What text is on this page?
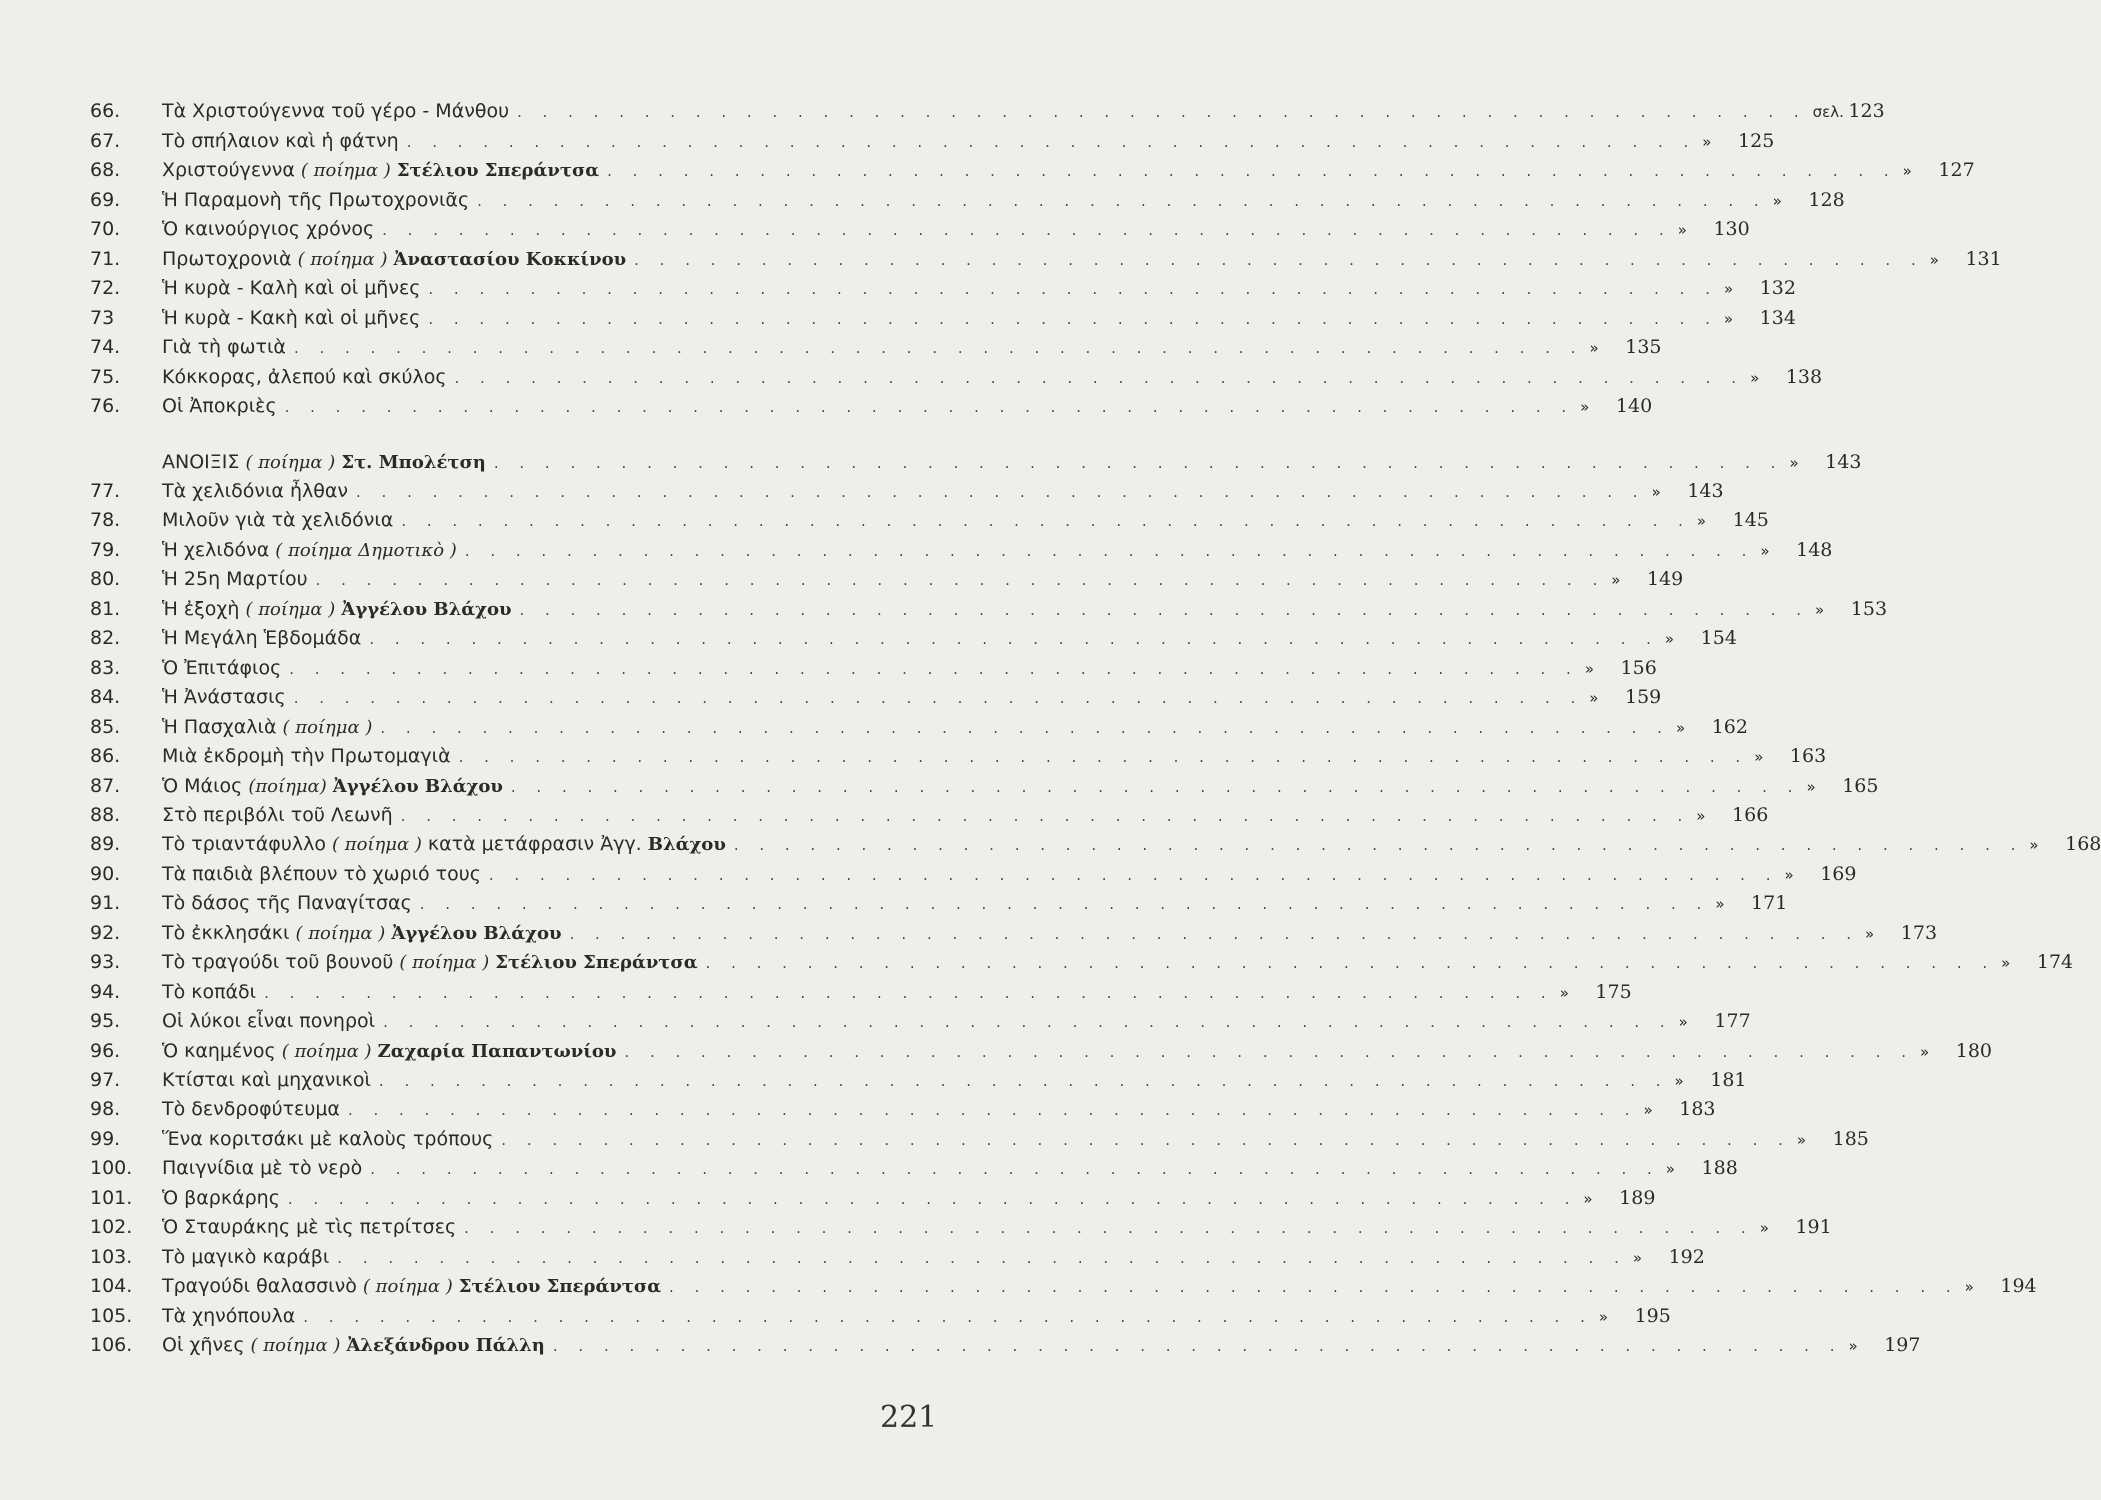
66.	Τὰ Χριστούγεννα τοῦ γέρο - Μάνθου . . . . . . . . . . . . . . . . . . . . . . . . . . . . . . . . . . . . . . . . . . . . . . . . . . . σελ. 123
67.	Τὸ σπήλαιον καὶ ἡ φάτνη . . . . . . . . . . . . . . . . . . . . . . . . . . . . . . . . . . . . . . . . . . . . . . . . . . . »	125
68.	Χριστούγεννα ( ποίημα ) Στέλιου Σπεράντσα . . . . . . . . . . . . . . . . . . . . . . . . . . . . . . . . . . . . . . . . . . . . . . . . . . . »	127
69.	Ἡ Παραμονὴ τῆς Πρωτοχρονιᾶς . . . . . . . . . . . . . . . . . . . . . . . . . . . . . . . . . . . . . . . . . . . . . . . . . . . »	128
70.	Ὁ καινούργιος χρόνος . . . . . . . . . . . . . . . . . . . . . . . . . . . . . . . . . . . . . . . . . . . . . . . . . . . »	130
71.	Πρωτοχρονιὰ ( ποίημα ) Ἀναστασίου Κοκκίνου . . . . . . . . . . . . . . . . . . . . . . . . . . . . . . . . . . . . . . . . . . . . . . . . . . . »	131
72.	Ἡ κυρὰ - Καλὴ καὶ οἱ μῆνες . . . . . . . . . . . . . . . . . . . . . . . . . . . . . . . . . . . . . . . . . . . . . . . . . . . »	132
73	Ἡ κυρὰ - Κακὴ καὶ οἱ μῆνες . . . . . . . . . . . . . . . . . . . . . . . . . . . . . . . . . . . . . . . . . . . . . . . . . . . »	134
74.	Γιὰ τὴ φωτιὰ . . . . . . . . . . . . . . . . . . . . . . . . . . . . . . . . . . . . . . . . . . . . . . . . . . . »	135
75.	Κόκκορας, ἀλεπού καὶ σκύλος . . . . . . . . . . . . . . . . . . . . . . . . . . . . . . . . . . . . . . . . . . . . . . . . . . . »	138
76.	Οἱ Ἀποκριὲς . . . . . . . . . . . . . . . . . . . . . . . . . . . . . . . . . . . . . . . . . . . . . . . . . . . »	140
ΑΝΟΙΞΙΣ ( ποίημα ) Στ. Μπολέτση . . . . . . . . . . . . . . . . . . . . . . . . . . . . . . . . . . . . . . . . . . . . . . . . . . . »	143
77.	Τὰ χελιδόνια ἦλθαν . . . . . . . . . . . . . . . . . . . . . . . . . . . . . . . . . . . . . . . . . . . . . . . . . . . »	143
78.	Μιλοῦν γιὰ τὰ χελιδόνια . . . . . . . . . . . . . . . . . . . . . . . . . . . . . . . . . . . . . . . . . . . . . . . . . . . »	145
79.	Ἡ χελιδόνα ( ποίημα Δημοτικὸ ) . . . . . . . . . . . . . . . . . . . . . . . . . . . . . . . . . . . . . . . . . . . . . . . . . . . »	148
80.	Ἡ 25η Μαρτίου . . . . . . . . . . . . . . . . . . . . . . . . . . . . . . . . . . . . . . . . . . . . . . . . . . . »	149
81.	Ἡ ἐξοχὴ ( ποίημα ) Ἀγγέλου Βλάχου . . . . . . . . . . . . . . . . . . . . . . . . . . . . . . . . . . . . . . . . . . . . . . . . . . . »	153
82.	Ἡ Μεγάλη Ἑβδομάδα . . . . . . . . . . . . . . . . . . . . . . . . . . . . . . . . . . . . . . . . . . . . . . . . . . . »	154
83.	Ὁ Ἐπιτάφιος . . . . . . . . . . . . . . . . . . . . . . . . . . . . . . . . . . . . . . . . . . . . . . . . . . . »	156
84.	Ἡ Ἀνάστασις . . . . . . . . . . . . . . . . . . . . . . . . . . . . . . . . . . . . . . . . . . . . . . . . . . . »	159
85.	Ἡ Πασχαλιὰ ( ποίημα ) . . . . . . . . . . . . . . . . . . . . . . . . . . . . . . . . . . . . . . . . . . . . . . . . . . . »	162
86.	Μιὰ ἐκδρομὴ τὴν Πρωτομαγιὰ . . . . . . . . . . . . . . . . . . . . . . . . . . . . . . . . . . . . . . . . . . . . . . . . . . . »	163
87.	Ὁ Μάιος (ποίημα) Ἀγγέλου Βλάχου . . . . . . . . . . . . . . . . . . . . . . . . . . . . . . . . . . . . . . . . . . . . . . . . . . . »	165
88.	Στὸ περιβόλι τοῦ Λεωνῆ . . . . . . . . . . . . . . . . . . . . . . . . . . . . . . . . . . . . . . . . . . . . . . . . . . . »	166
89.	Τὸ τριαντάφυλλο ( ποίημα ) κατὰ μετάφρασιν Ἀγγ. Βλάχου . . . . . . . . . . . . . . . . . . . . . . . . . . . . . . . . . . . . . . . . . . . . . . . . . . . »	168
90.	Τὰ παιδιὰ βλέπουν τὸ χωριό τους . . . . . . . . . . . . . . . . . . . . . . . . . . . . . . . . . . . . . . . . . . . . . . . . . . . »	169
91.	Τὸ δάσος τῆς Παναγίτσας . . . . . . . . . . . . . . . . . . . . . . . . . . . . . . . . . . . . . . . . . . . . . . . . . . . »	171
92.	Τὸ ἐκκλησάκι ( ποίημα ) Ἀγγέλου Βλάχου . . . . . . . . . . . . . . . . . . . . . . . . . . . . . . . . . . . . . . . . . . . . . . . . . . . »	173
93.	Τὸ τραγούδι τοῦ βουνοῦ ( ποίημα ) Στέλιου Σπεράντσα . . . . . . . . . . . . . . . . . . . . . . . . . . . . . . . . . . . . . . . . . . . . . . . . . . . »	174
94.	Τὸ κοπάδι . . . . . . . . . . . . . . . . . . . . . . . . . . . . . . . . . . . . . . . . . . . . . . . . . . . »	175
95.	Οἱ λύκοι εἶναι πονηροὶ . . . . . . . . . . . . . . . . . . . . . . . . . . . . . . . . . . . . . . . . . . . . . . . . . . . »	177
96.	Ὁ καημένος ( ποίημα ) Ζαχαρία Παπαντωνίου . . . . . . . . . . . . . . . . . . . . . . . . . . . . . . . . . . . . . . . . . . . . . . . . . . . »	180
97.	Κτίσται καὶ μηχανικοὶ . . . . . . . . . . . . . . . . . . . . . . . . . . . . . . . . . . . . . . . . . . . . . . . . . . . »	181
98.	Τὸ δενδροφύτευμα . . . . . . . . . . . . . . . . . . . . . . . . . . . . . . . . . . . . . . . . . . . . . . . . . . . »	183
99.	Ἕνα κοριτσάκι μὲ καλοὺς τρόπους . . . . . . . . . . . . . . . . . . . . . . . . . . . . . . . . . . . . . . . . . . . . . . . . . . . »	185
100.	Παιγνίδια μὲ τὸ νερὸ . . . . . . . . . . . . . . . . . . . . . . . . . . . . . . . . . . . . . . . . . . . . . . . . . . . »	188
101.	Ὁ βαρκάρης . . . . . . . . . . . . . . . . . . . . . . . . . . . . . . . . . . . . . . . . . . . . . . . . . . . »	189
102.	Ὁ Σταυράκης μὲ τὶς πετρίτσες . . . . . . . . . . . . . . . . . . . . . . . . . . . . . . . . . . . . . . . . . . . . . . . . . . . »	191
103.	Τὸ μαγικὸ καράβι . . . . . . . . . . . . . . . . . . . . . . . . . . . . . . . . . . . . . . . . . . . . . . . . . . . »	192
104.	Τραγούδι θαλασσινὸ ( ποίημα ) Στέλιου Σπεράντσα . . . . . . . . . . . . . . . . . . . . . . . . . . . . . . . . . . . . . . . . . . . . . . . . . . . »	194
105.	Τὰ χηνόπουλα . . . . . . . . . . . . . . . . . . . . . . . . . . . . . . . . . . . . . . . . . . . . . . . . . . . »	195
106.	Οἱ χῆνες ( ποίημα ) Ἀλεξάνδρου Πάλλη . . . . . . . . . . . . . . . . . . . . . . . . . . . . . . . . . . . . . . . . . . . . . . . . . . . »	197
221
